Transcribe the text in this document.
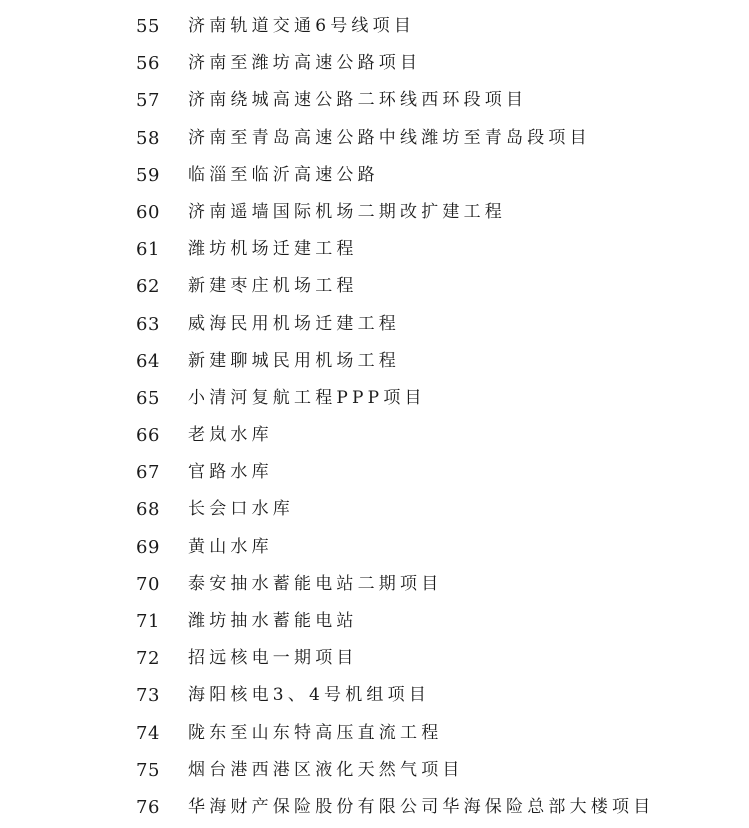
55	济南轨道交通6号线项目
56	济南至潍坊高速公路项目
57	济南绕城高速公路二环线西环段项目
58	济南至青岛高速公路中线潍坊至青岛段项目
59	临淄至临沂高速公路
60	济南遥墙国际机场二期改扩建工程
61	潍坊机场迁建工程
62	新建枣庄机场工程
63	威海民用机场迁建工程
64	新建聊城民用机场工程
65	小清河复航工程PPP项目
66	老岚水库
67	官路水库
68	长会口水库
69	黄山水库
70	泰安抽水蓄能电站二期项目
71	潍坊抽水蓄能电站
72	招远核电一期项目
73	海阳核电3、4号机组项目
74	陇东至山东特高压直流工程
75	烟台港西港区液化天然气项目
76	华海财产保险股份有限公司华海保险总部大楼项目
